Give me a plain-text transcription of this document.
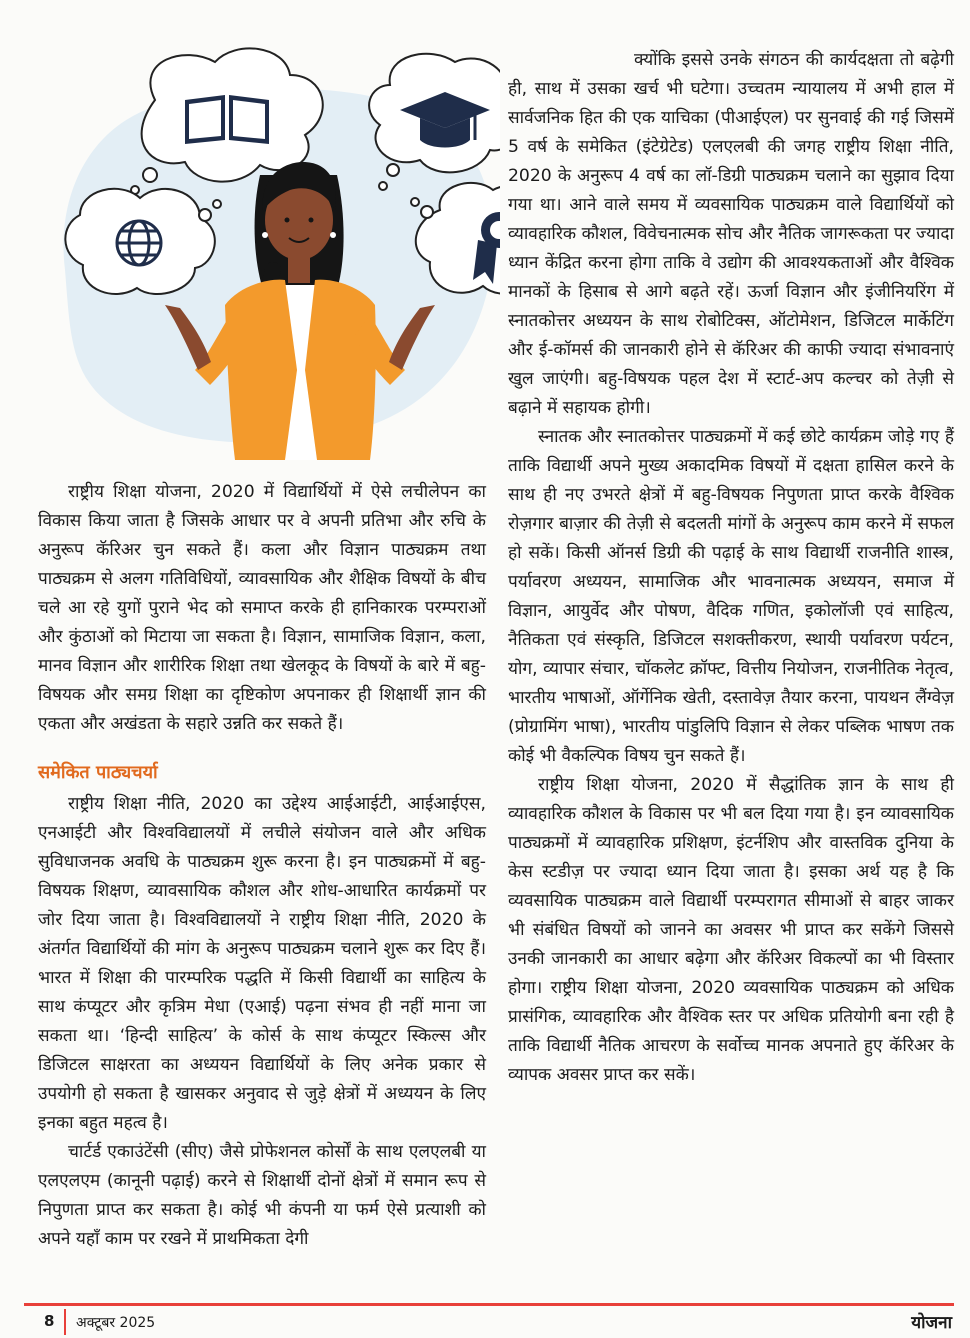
राष्ट्रीय शिक्षा योजना, 2020 में विद्यार्थियों में ऐसे लचीलेपन का विकास किया जाता है जिसके आधार पर वे अपनी प्रतिभा और रुचि के अनुरूप कॅरिअर चुन सकते हैं। कला और विज्ञान पाठ्यक्रम तथा पाठ्यक्रम से अलग गतिविधियों, व्यावसायिक और शैक्षिक विषयों के बीच चले आ रहे युगों पुराने भेद को समाप्त करके ही हानिकारक परम्पराओं और कुंठाओं को मिटाया जा सकता है। विज्ञान, सामाजिक विज्ञान, कला, मानव विज्ञान और शारीरिक शिक्षा तथा खेलकूद के विषयों के बारे में बहु-विषयक और समग्र शिक्षा का दृष्टिकोण अपनाकर ही शिक्षार्थी ज्ञान की एकता और अखंडता के सहारे उन्नति कर सकते हैं।

समेकित पाठ्यचर्या

राष्ट्रीय शिक्षा नीति, 2020 का उद्देश्य आईआईटी, आईआईएस, एनआईटी और विश्वविद्यालयों में लचीले संयोजन वाले और अधिक सुविधाजनक अवधि के पाठ्यक्रम शुरू करना है। इन पाठ्यक्रमों में बहु-विषयक शिक्षण, व्यावसायिक कौशल और शोध-आधारित कार्यक्रमों पर जोर दिया जाता है। विश्वविद्यालयों ने राष्ट्रीय शिक्षा नीति, 2020 के अंतर्गत विद्यार्थियों की मांग के अनुरूप पाठ्यक्रम चलाने शुरू कर दिए हैं। भारत में शिक्षा की पारम्परिक पद्धति में किसी विद्यार्थी का साहित्य के साथ कंप्यूटर और कृत्रिम मेधा (एआई) पढ़ना संभव ही नहीं माना जा सकता था। ‘हिन्दी साहित्य’ के कोर्स के साथ कंप्यूटर स्किल्स और डिजिटल साक्षरता का अध्ययन विद्यार्थियों के लिए अनेक प्रकार से उपयोगी हो सकता है खासकर अनुवाद से जुड़े क्षेत्रों में अध्ययन के लिए इनका बहुत महत्व है।

चार्टर्ड एकाउंटेंसी (सीए) जैसे प्रोफेशनल कोर्सों के साथ एलएलबी या एलएलएम (कानूनी पढ़ाई) करने से शिक्षार्थी दोनों क्षेत्रों में समान रूप से निपुणता प्राप्त कर सकता है। कोई भी कंपनी या फर्म ऐसे प्रत्याशी को अपने यहाँ काम पर रखने में प्राथमिकता देगी

क्योंकि इससे उनके संगठन की कार्यदक्षता तो बढ़ेगी ही, साथ में उसका खर्च भी घटेगा। उच्चतम न्यायालय में अभी हाल में सार्वजनिक हित की एक याचिका (पीआईएल) पर सुनवाई की गई जिसमें 5 वर्ष के समेकित (इंटेग्रेटेड) एलएलबी की जगह राष्ट्रीय शिक्षा नीति, 2020 के अनुरूप 4 वर्ष का लॉ-डिग्री पाठ्यक्रम चलाने का सुझाव दिया गया था। आने वाले समय में व्यवसायिक पाठ्यक्रम वाले विद्यार्थियों को व्यावहारिक कौशल, विवेचनात्मक सोच और नैतिक जागरूकता पर ज्यादा ध्यान केंद्रित करना होगा ताकि वे उद्योग की आवश्यकताओं और वैश्विक मानकों के हिसाब से आगे बढ़ते रहें। ऊर्जा विज्ञान और इंजीनियरिंग में स्नातकोत्तर अध्ययन के साथ रोबोटिक्स, ऑटोमेशन, डिजिटल मार्केटिंग और ई-कॉमर्स की जानकारी होने से कॅरिअर की काफी ज्यादा संभावनाएं खुल जाएंगी। बहु-विषयक पहल देश में स्टार्ट-अप कल्चर को तेज़ी से बढ़ाने में सहायक होगी।

स्नातक और स्नातकोत्तर पाठ्यक्रमों में कई छोटे कार्यक्रम जोड़े गए हैं ताकि विद्यार्थी अपने मुख्य अकादमिक विषयों में दक्षता हासिल करने के साथ ही नए उभरते क्षेत्रों में बहु-विषयक निपुणता प्राप्त करके वैश्विक रोज़गार बाज़ार की तेज़ी से बदलती मांगों के अनुरूप काम करने में सफल हो सकें। किसी ऑनर्स डिग्री की पढ़ाई के साथ विद्यार्थी राजनीति शास्त्र, पर्यावरण अध्ययन, सामाजिक और भावनात्मक अध्ययन, समाज में विज्ञान, आयुर्वेद और पोषण, वैदिक गणित, इकोलॉजी एवं साहित्य, नैतिकता एवं संस्कृति, डिजिटल सशक्तीकरण, स्थायी पर्यावरण पर्यटन, योग, व्यापार संचार, चॉकलेट क्रॉफ्ट, वित्तीय नियोजन, राजनीतिक नेतृत्व, भारतीय भाषाओं, ऑर्गेनिक खेती, दस्तावेज़ तैयार करना, पायथन लैंग्वेज़ (प्रोग्रामिंग भाषा), भारतीय पांडुलिपि विज्ञान से लेकर पब्लिक भाषण तक कोई भी वैकल्पिक विषय चुन सकते हैं।

राष्ट्रीय शिक्षा योजना, 2020 में सैद्धांतिक ज्ञान के साथ ही व्यावहारिक कौशल के विकास पर भी बल दिया गया है। इन व्यावसायिक पाठ्यक्रमों में व्यावहारिक प्रशिक्षण, इंटर्नशिप और वास्तविक दुनिया के केस स्टडीज़ पर ज्यादा ध्यान दिया जाता है। इसका अर्थ यह है कि व्यवसायिक पाठ्यक्रम वाले विद्यार्थी परम्परागत सीमाओं से बाहर जाकर भी संबंधित विषयों को जानने का अवसर भी प्राप्त कर सकेंगे जिससे उनकी जानकारी का आधार बढ़ेगा और कॅरिअर विकल्पों का भी विस्तार होगा। राष्ट्रीय शिक्षा योजना, 2020 व्यवसायिक पाठ्यक्रम को अधिक प्रासंगिक, व्यावहारिक और वैश्विक स्तर पर अधिक प्रतियोगी बना रही है ताकि विद्यार्थी नैतिक आचरण के सर्वोच्च मानक अपनाते हुए कॅरिअर के व्यापक अवसर प्राप्त कर सकें।

8 अक्टूबर 2025	योजना
